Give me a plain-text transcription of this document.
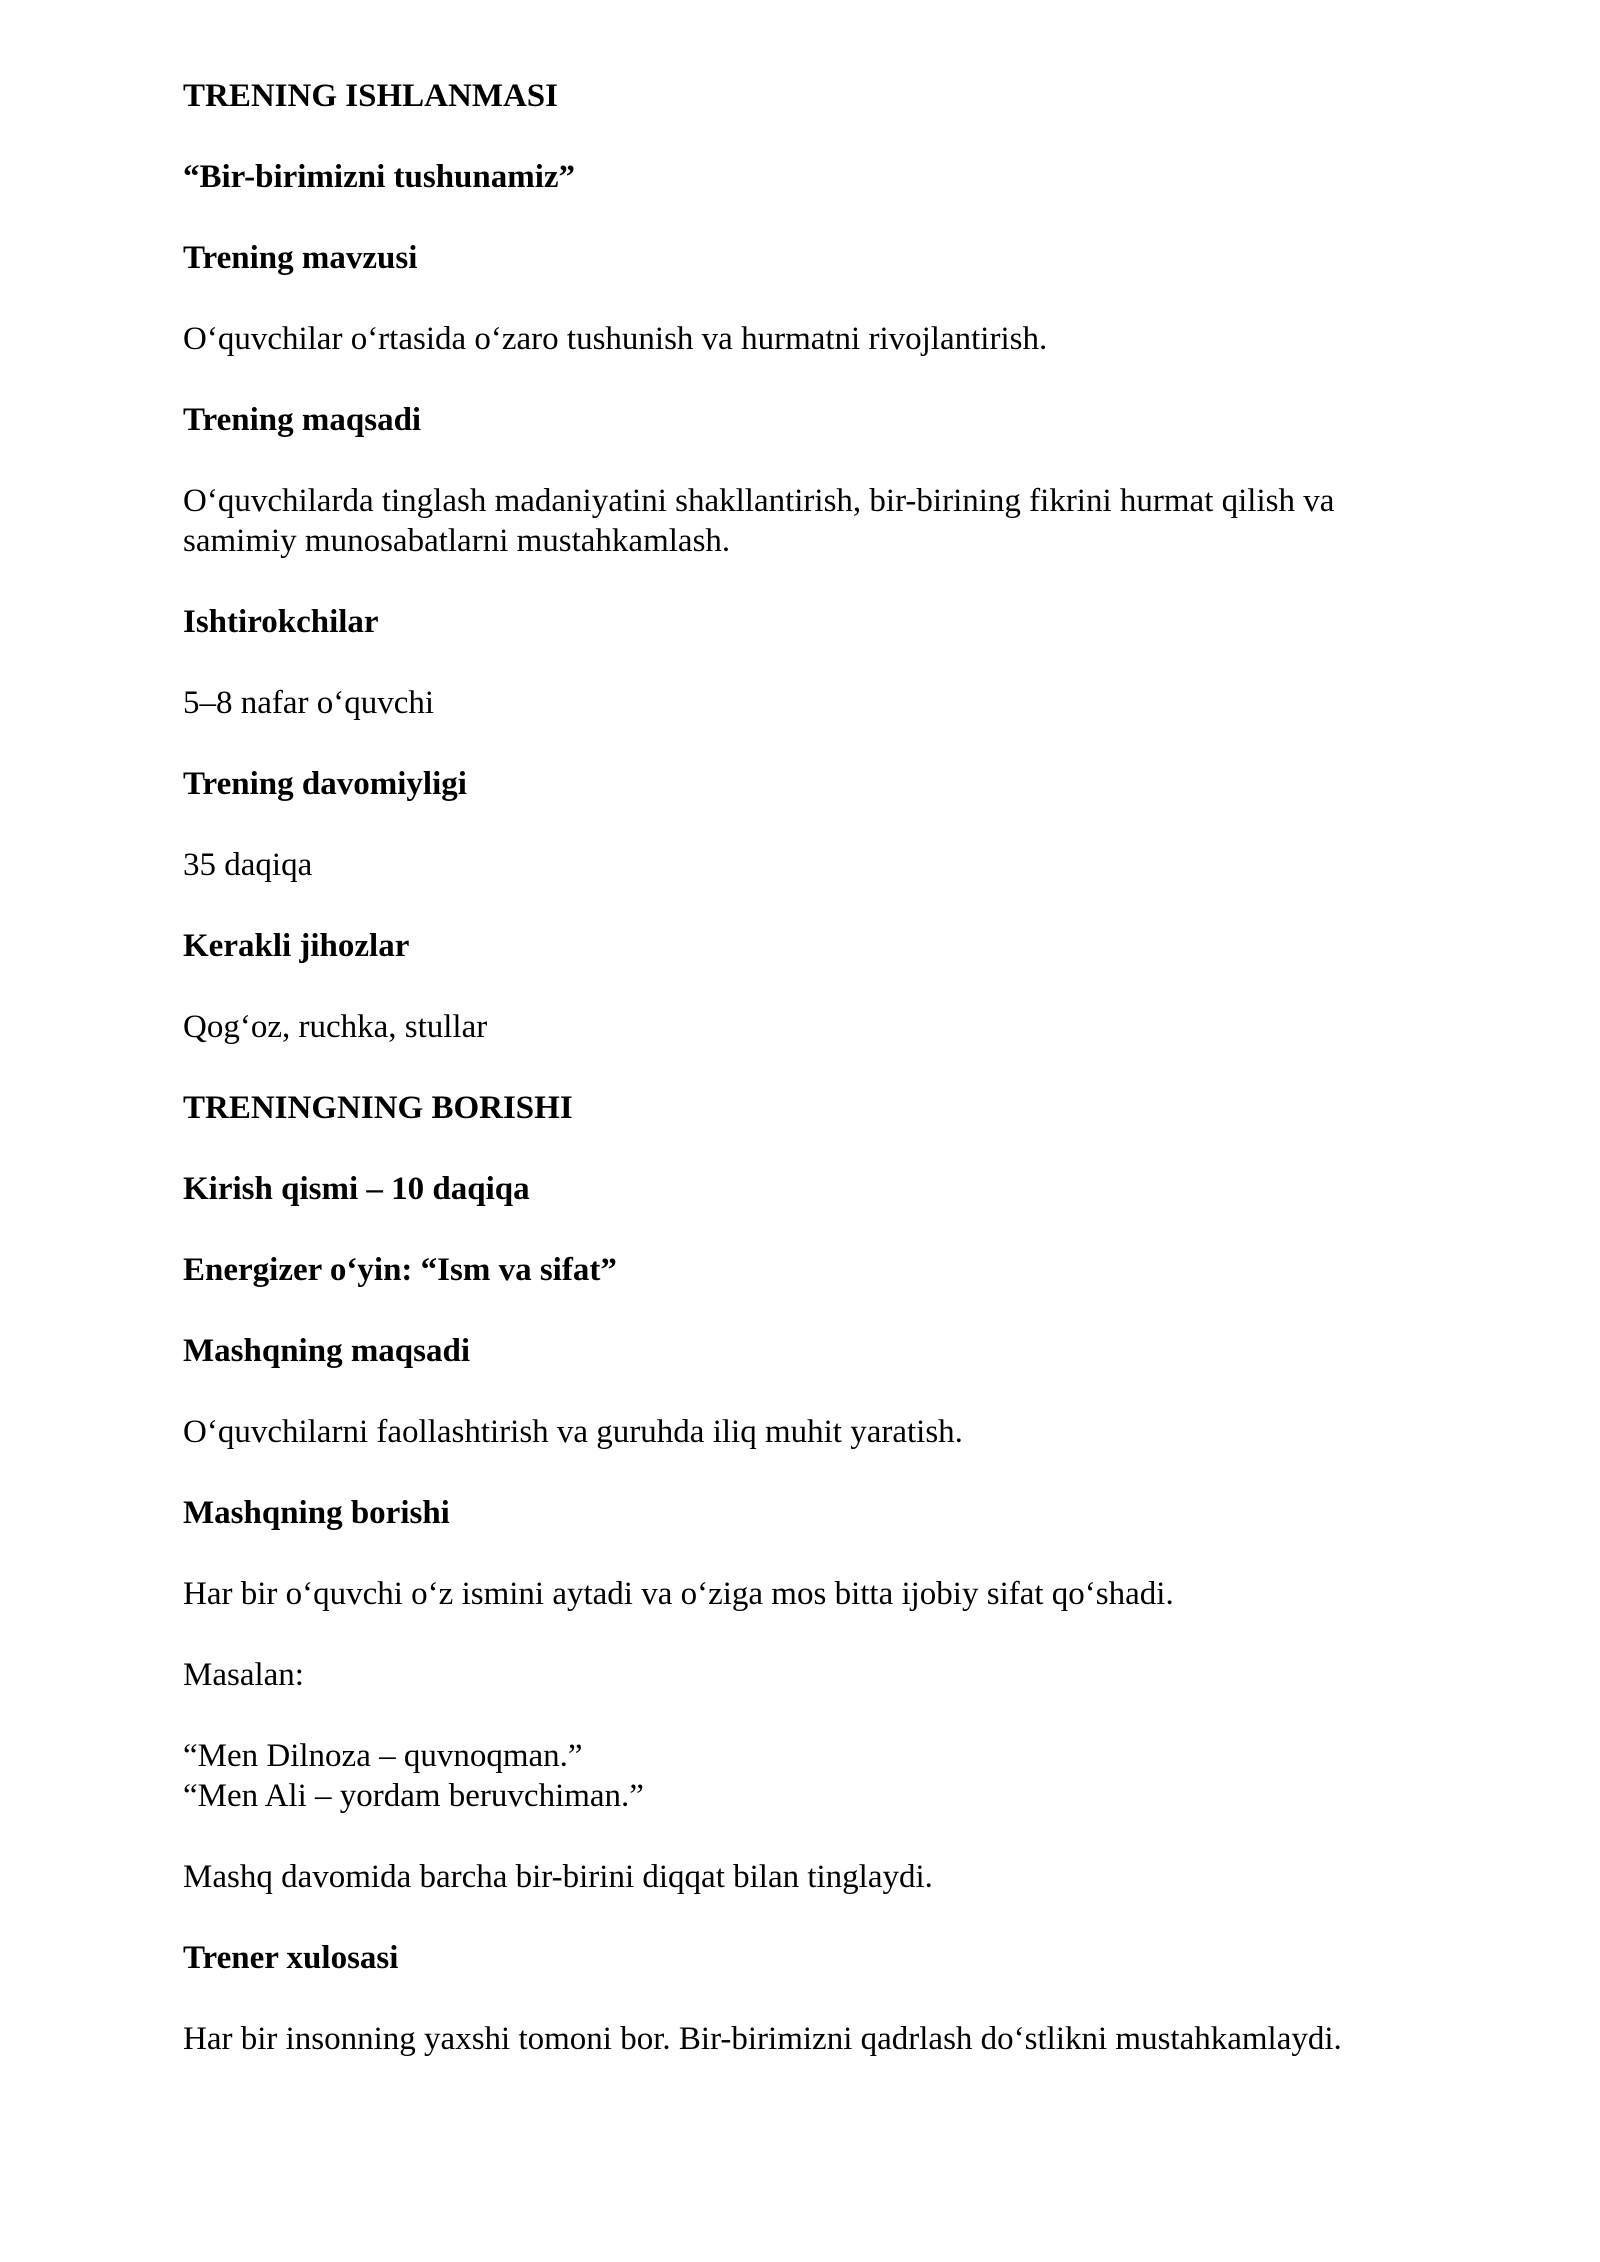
TRENING ISHLANMASI
“Bir-birimizni tushunamiz”
Trening mavzusi
O‘quvchilar o‘rtasida o‘zaro tushunish va hurmatni rivojlantirish.
Trening maqsadi
O‘quvchilarda tinglash madaniyatini shakllantirish, bir-birining fikrini hurmat qilish va
samimiy munosabatlarni mustahkamlash.
Ishtirokchilar
5–8 nafar o‘quvchi
Trening davomiyligi
35 daqiqa
Kerakli jihozlar
Qog‘oz, ruchka, stullar
TRENINGNING BORISHI
Kirish qismi – 10 daqiqa
Energizer o‘yin: “Ism va sifat”
Mashqning maqsadi
O‘quvchilarni faollashtirish va guruhda iliq muhit yaratish.
Mashqning borishi
Har bir o‘quvchi o‘z ismini aytadi va o‘ziga mos bitta ijobiy sifat qo‘shadi.
Masalan:
“Men Dilnoza – quvnoqman.”
“Men Ali – yordam beruvchiman.”
Mashq davomida barcha bir-birini diqqat bilan tinglaydi.
Trener xulosasi
Har bir insonning yaxshi tomoni bor. Bir-birimizni qadrlash do‘stlikni mustahkamlaydi.
